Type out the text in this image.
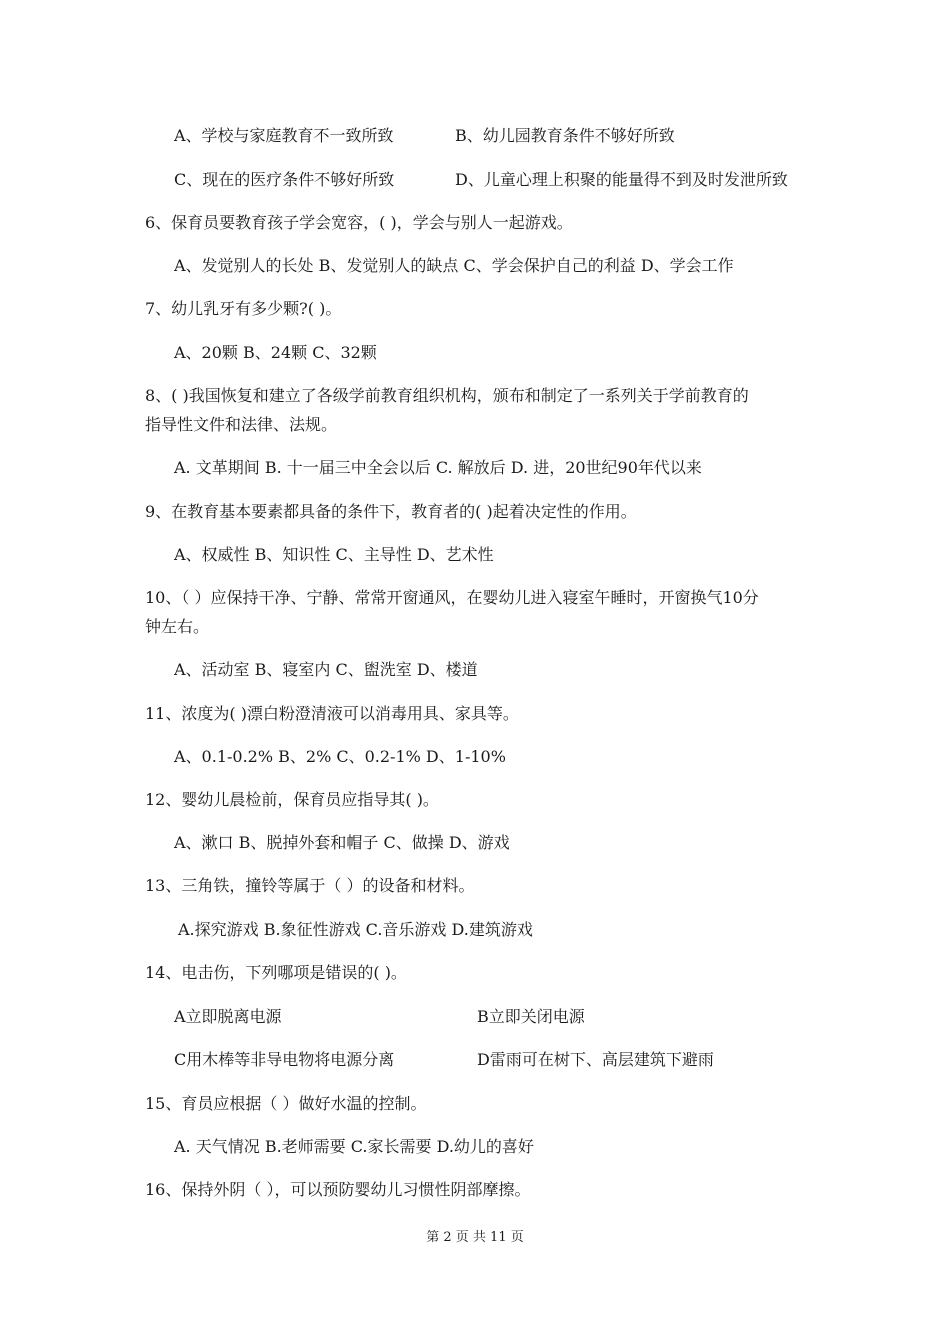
A、学校与家庭教育不一致所致	B、幼儿园教育条件不够好所致
C、现在的医疗条件不够好所致	D、儿童心理上积聚的能量得不到及时发泄所致
6、保育员要教育孩子学会宽容，( )，学会与别人一起游戏。
A、发觉别人的长处 B、发觉别人的缺点 C、学会保护自己的利益 D、学会工作
7、幼儿乳牙有多少颗?( )。
A、20颗 B、24颗 C、32颗
8、( )我国恢复和建立了各级学前教育组织机构，颁布和制定了一系列关于学前教育的
指导性文件和法律、法规。
A. 文革期间 B. 十一届三中全会以后 C. 解放后 D. 进，20世纪90年代以来
9、在教育基本要素都具备的条件下，教育者的( )起着决定性的作用。
A、权威性 B、知识性 C、主导性 D、艺术性
10、（ ）应保持干净、宁静、常常开窗通风，在婴幼儿进入寝室午睡时，开窗换气10分
钟左右。
A、活动室 B、寝室内 C、盥洗室 D、楼道
11、浓度为( )漂白粉澄清液可以消毒用具、家具等。
A、0.1-0.2% B、2% C、0.2-1% D、1-10%
12、婴幼儿晨检前，保育员应指导其( )。
A、漱口 B、脱掉外套和帽子 C、做操 D、游戏
13、三角铁，撞铃等属于（ ）的设备和材料。
A.探究游戏 B.象征性游戏 C.音乐游戏 D.建筑游戏
14、电击伤，下列哪项是错误的( )。
A立即脱离电源	B立即关闭电源
C用木棒等非导电物将电源分离	D雷雨可在树下、高层建筑下避雨
15、育员应根据（ ）做好水温的控制。
A. 天气情况 B.老师需要 C.家长需要 D.幼儿的喜好
16、保持外阴（ ），可以预防婴幼儿习惯性阴部摩擦。
第 2 页 共 11 页
